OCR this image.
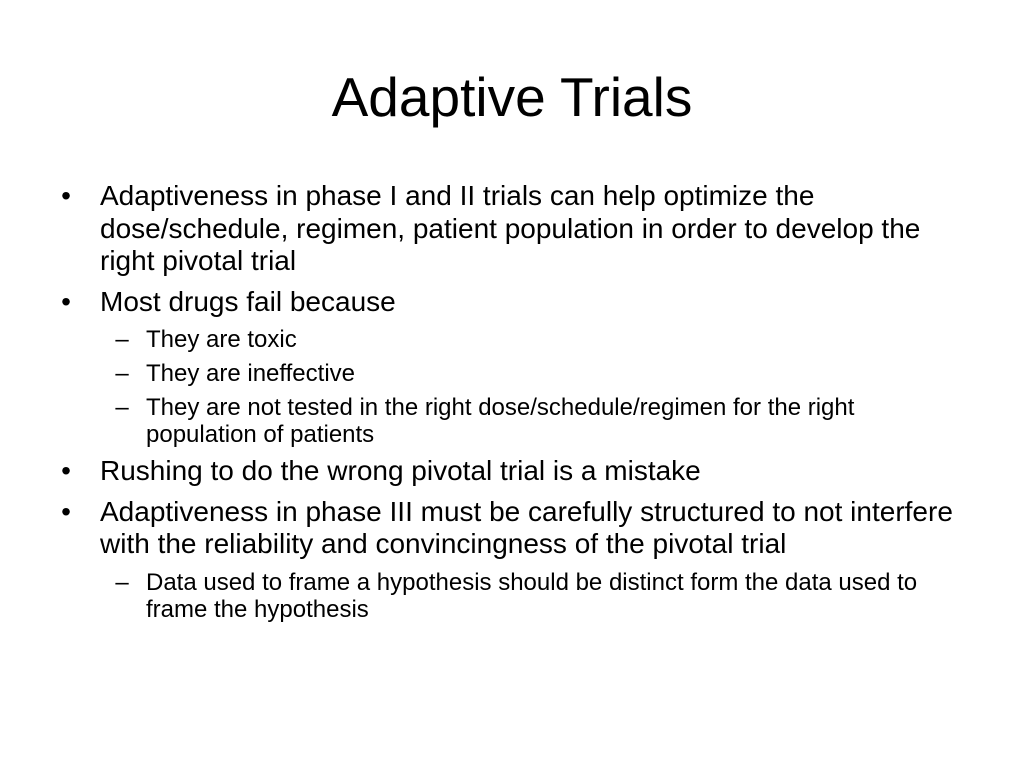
Adaptive Trials
• Adaptiveness in phase I and II trials can help optimize the dose/schedule, regimen, patient population in order to develop the right pivotal trial
• Most drugs fail because
– They are toxic
– They are ineffective
– They are not tested in the right dose/schedule/regimen for the right population of patients
• Rushing to do the wrong pivotal trial is a mistake
• Adaptiveness in phase III must be carefully structured to not interfere with the reliability and convincingness of the pivotal trial
– Data used to frame a hypothesis should be distinct form the data used to frame the hypothesis
